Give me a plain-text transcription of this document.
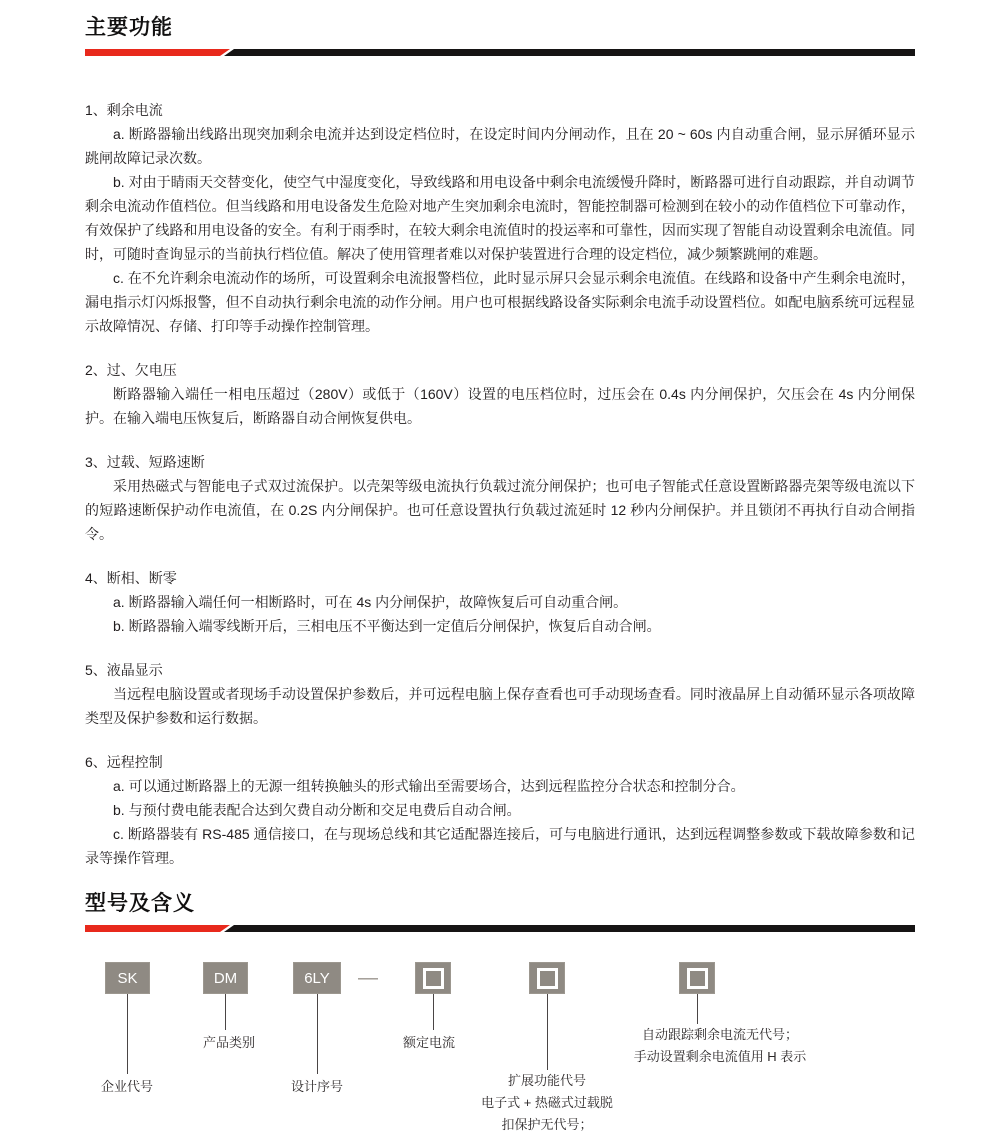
主要功能
1、剩余电流

a. 断路器输出线路出现突加剩余电流并达到设定档位时，在设定时间内分闸动作，且在 20 ~ 60s 内自动重合闸，显示屏循环显示跳闸故障记录次数。

b. 对由于睛雨天交替变化，使空气中湿度变化，导致线路和用电设备中剩余电流缓慢升降时，断路器可进行自动跟踪，并自动调节剩余电流动作值档位。但当线路和用电设备发生危险对地产生突加剩余电流时，智能控制器可检测到在较小的动作值档位下可靠动作，有效保护了线路和用电设备的安全。有利于雨季时，在较大剩余电流值时的投运率和可靠性，因而实现了智能自动设置剩余电流值。同时，可随时查询显示的当前执行档位值。解决了使用管理者难以对保护装置进行合理的设定档位，减少频繁跳闸的难题。

c. 在不允许剩余电流动作的场所，可设置剩余电流报警档位，此时显示屏只会显示剩余电流值。在线路和设备中产生剩余电流时，漏电指示灯闪烁报警，但不自动执行剩余电流的动作分闸。用户也可根据线路设备实际剩余电流手动设置档位。如配电脑系统可远程显示故障情况、存储、打印等手动操作控制管理。

2、过、欠电压

断路器输入端任一相电压超过（280V）或低于（160V）设置的电压档位时，过压会在 0.4s 内分闸保护，欠压会在 4s 内分闸保护。在输入端电压恢复后，断路器自动合闸恢复供电。

3、过载、短路速断

采用热磁式与智能电子式双过流保护。以壳架等级电流执行负载过流分闸保护；也可电子智能式任意设置断路器壳架等级电流以下的短路速断保护动作电流值，在 0.2S 内分闸保护。也可任意设置执行负载过流延时 12 秒内分闸保护。并且锁闭不再执行自动合闸指令。

4、断相、断零

a. 断路器输入端任何一相断路时，可在 4s 内分闸保护，故障恢复后可自动重合闸。

b. 断路器输入端零线断开后，三相电压不平衡达到一定值后分闸保护，恢复后自动合闸。

5、液晶显示

当远程电脑设置或者现场手动设置保护参数后，并可远程电脑上保存查看也可手动现场查看。同时液晶屏上自动循环显示各项故障类型及保护参数和运行数据。

6、远程控制

a. 可以通过断路器上的无源一组转换触头的形式输出至需要场合，达到远程监控分合状态和控制分合。

b. 与预付费电能表配合达到欠费自动分断和交足电费后自动合闸。

c. 断路器装有 RS-485 通信接口，在与现场总线和其它适配器连接后，可与电脑进行通讯，达到远程调整参数或下载故障参数和记录等操作管理。

型号及含义
SK	DM	6LY	—
企业代号
产品类别
设计序号
额定电流
扩展功能代号
电子式 + 热磁式过载脱
扣保护无代号；
自动跟踪剩余电流无代号；
手动设置剩余电流值用 H 表示
